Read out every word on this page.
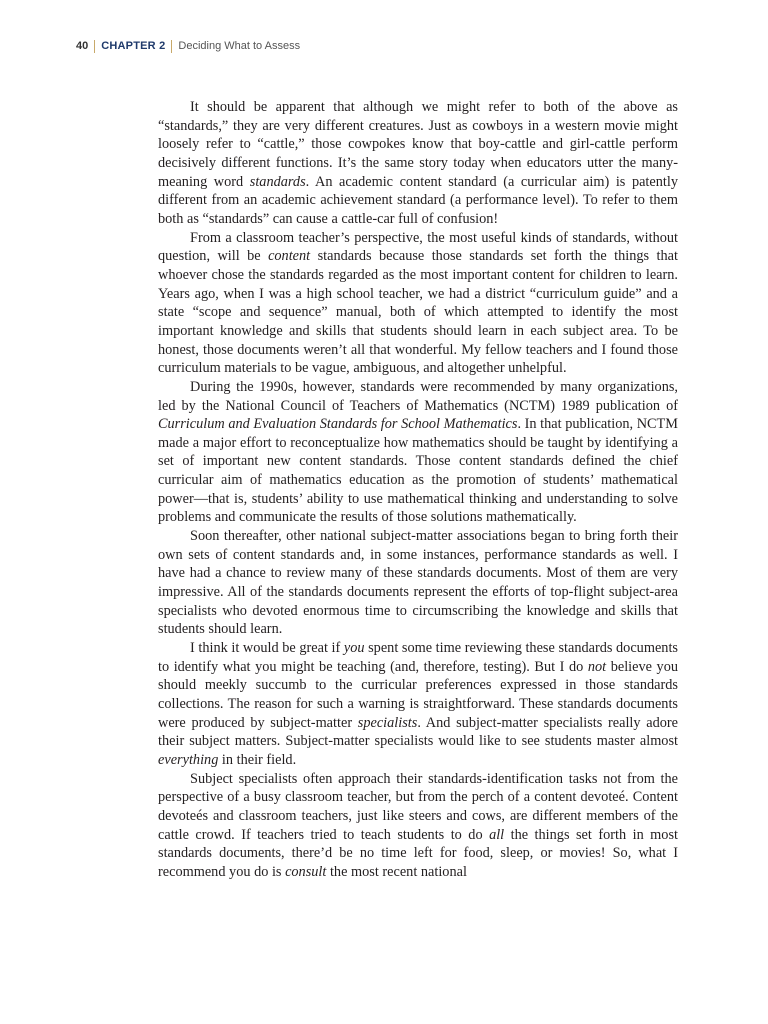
40 CHAPTER 2 Deciding What to Assess

It should be apparent that although we might refer to both of the above as “standards,” they are very different creatures. Just as cowboys in a western movie might loosely refer to “cattle,” those cowpokes know that boy-cattle and girl-cattle perform decisively different functions. It’s the same story today when educators utter the many-meaning word standards. An academic content standard (a curricular aim) is patently different from an academic achievement standard (a performance level). To refer to them both as “standards” can cause a cattle-car full of confusion!

From a classroom teacher’s perspective, the most useful kinds of standards, without question, will be content standards because those standards set forth the things that whoever chose the standards regarded as the most important content for children to learn. Years ago, when I was a high school teacher, we had a district “curriculum guide” and a state “scope and sequence” manual, both of which attempted to identify the most important knowledge and skills that students should learn in each subject area. To be honest, those documents weren’t all that wonderful. My fellow teachers and I found those curriculum materials to be vague, ambiguous, and altogether unhelpful.

During the 1990s, however, standards were recommended by many organizations, led by the National Council of Teachers of Mathematics (NCTM) 1989 publication of Curriculum and Evaluation Standards for School Mathematics. In that publication, NCTM made a major effort to reconceptualize how mathematics should be taught by identifying a set of important new content standards. Those content standards defined the chief curricular aim of mathematics education as the promotion of students’ mathematical power—that is, students’ ability to use mathematical thinking and understanding to solve problems and communicate the results of those solutions mathematically.

Soon thereafter, other national subject-matter associations began to bring forth their own sets of content standards and, in some instances, performance standards as well. I have had a chance to review many of these standards documents. Most of them are very impressive. All of the standards documents represent the efforts of top-flight subject-area specialists who devoted enormous time to circumscribing the knowledge and skills that students should learn.

I think it would be great if you spent some time reviewing these standards documents to identify what you might be teaching (and, therefore, testing). But I do not believe you should meekly succumb to the curricular preferences expressed in those standards collections. The reason for such a warning is straightforward. These standards documents were produced by subject-matter specialists. And subject-matter specialists really adore their subject matters. Subject-matter specialists would like to see students master almost everything in their field.

Subject specialists often approach their standards-identification tasks not from the perspective of a busy classroom teacher, but from the perch of a content devoteé. Content devoteés and classroom teachers, just like steers and cows, are different members of the cattle crowd. If teachers tried to teach students to do all the things set forth in most standards documents, there’d be no time left for food, sleep, or movies! So, what I recommend you do is consult the most recent national
